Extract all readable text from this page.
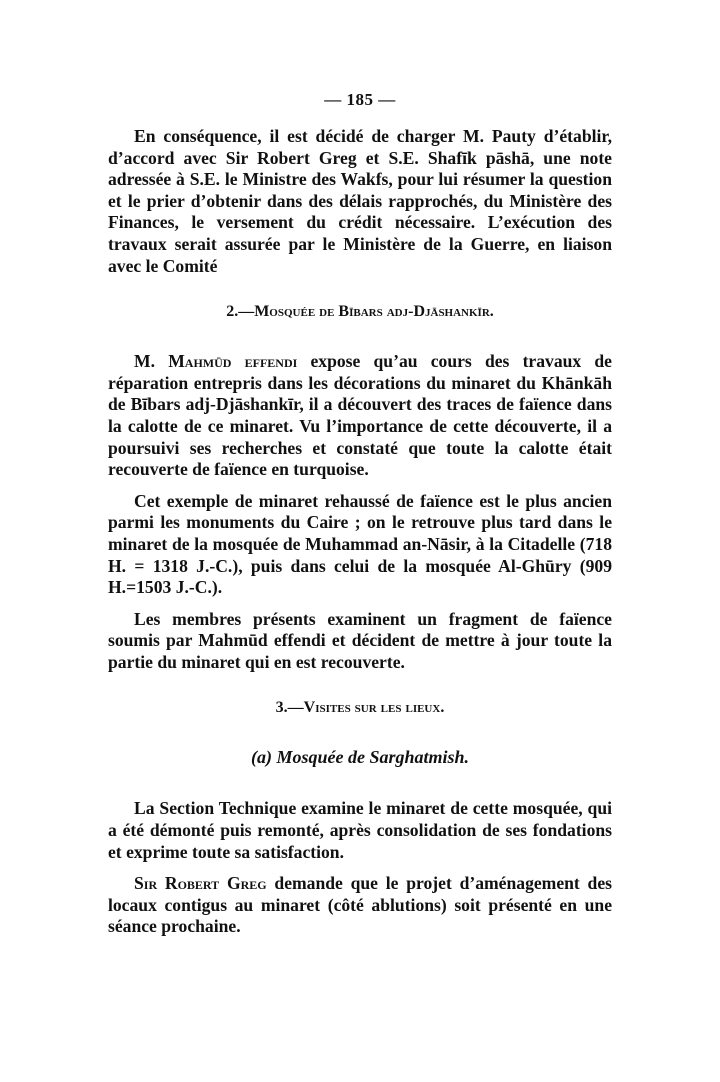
— 185 —

En conséquence, il est décidé de charger M. Pauty d’établir, d’accord avec Sir Robert Greg et S.E. Shafīk pāshā, une note adressée à S.E. le Ministre des Wakfs, pour lui résumer la question et le prier d’obtenir dans des délais rapprochés, du Ministère des Finances, le versement du crédit nécessaire. L’exécution des travaux serait assurée par le Ministère de la Guerre, en liaison avec le Comité

2.—Mosquée de Bībars adj-Djāshankīr.

M. Mahmūd effendi expose qu’au cours des travaux de réparation entrepris dans les décorations du minaret du Khānkāh de Bībars adj-Djāshankīr, il a découvert des traces de faïence dans la calotte de ce minaret. Vu l’importance de cette découverte, il a poursuivi ses recherches et constaté que toute la calotte était recouverte de faïence en turquoise.

Cet exemple de minaret rehaussé de faïence est le plus ancien parmi les monuments du Caire ; on le retrouve plus tard dans le minaret de la mosquée de Muhammad an-Nāsir, à la Citadelle (718 H. = 1318 J.-C.), puis dans celui de la mosquée Al-Ghūry (909 H.=1503 J.-C.).

Les membres présents examinent un fragment de faïence soumis par Mahmūd effendi et décident de mettre à jour toute la partie du minaret qui en est recouverte.

3.—Visites sur les lieux.
(a) Mosquée de Sarghatmish.

La Section Technique examine le minaret de cette mosquée, qui a été démonté puis remonté, après consolidation de ses fondations et exprime toute sa satisfaction.

Sir Robert Greg demande que le projet d’aménagement des locaux contigus au minaret (côté ablutions) soit présenté en une séance prochaine.
